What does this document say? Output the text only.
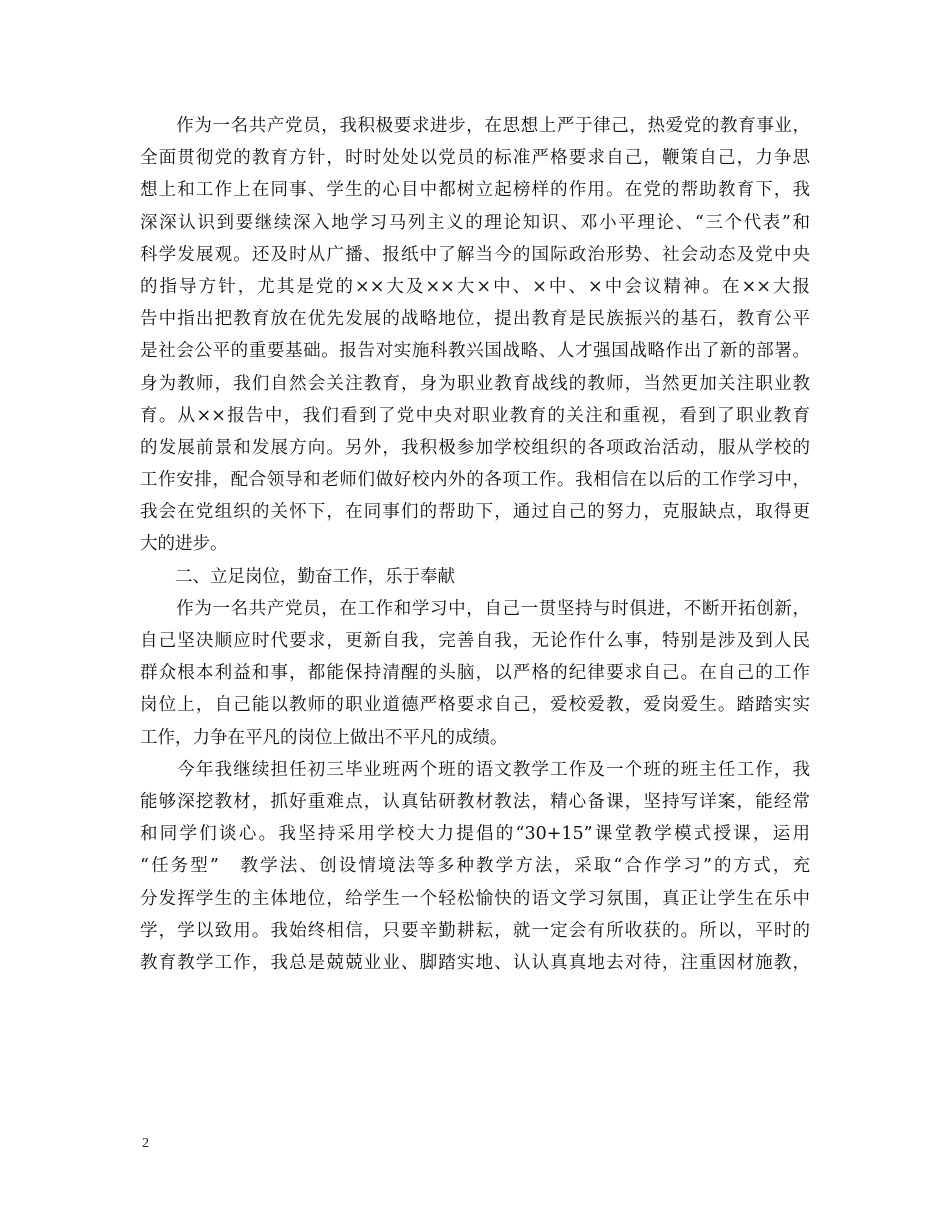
　　作为一名共产党员，我积极要求进步，在思想上严于律己，热爱党的教育事业，
全面贯彻党的教育方针，时时处处以党员的标准严格要求自己，鞭策自己，力争思
想上和工作上在同事、学生的心目中都树立起榜样的作用。在党的帮助教育下，我
深深认识到要继续深入地学习马列主义的理论知识、邓小平理论、“三个代表”和
科学发展观。还及时从广播、报纸中了解当今的国际政治形势、社会动态及党中央
的指导方针，尤其是党的××大及××大×中、×中、×中会议精神。在××大报
告中指出把教育放在优先发展的战略地位，提出教育是民族振兴的基石，教育公平
是社会公平的重要基础。报告对实施科教兴国战略、人才强国战略作出了新的部署。
身为教师，我们自然会关注教育，身为职业教育战线的教师，当然更加关注职业教
育。从××报告中，我们看到了党中央对职业教育的关注和重视，看到了职业教育
的发展前景和发展方向。另外，我积极参加学校组织的各项政治活动，服从学校的
工作安排，配合领导和老师们做好校内外的各项工作。我相信在以后的工作学习中，
我会在党组织的关怀下，在同事们的帮助下，通过自己的努力，克服缺点，取得更
大的进步。
　　二、立足岗位，勤奋工作，乐于奉献
　　作为一名共产党员，在工作和学习中，自己一贯坚持与时俱进，不断开拓创新，
自己坚决顺应时代要求，更新自我，完善自我，无论作什么事，特别是涉及到人民
群众根本利益和事，都能保持清醒的头脑，以严格的纪律要求自己。在自己的工作
岗位上，自己能以教师的职业道德严格要求自己，爱校爱教，爱岗爱生。踏踏实实
工作，力争在平凡的岗位上做出不平凡的成绩。
　　今年我继续担任初三毕业班两个班的语文教学工作及一个班的班主任工作，我
能够深挖教材，抓好重难点，认真钻研教材教法，精心备课，坚持写详案，能经常
和同学们谈心。我坚持采用学校大力提倡的“30+15”课堂教学模式授课，运用
“任务型”　教学法、创设情境法等多种教学方法，采取“合作学习”的方式，充
分发挥学生的主体地位，给学生一个轻松愉快的语文学习氛围，真正让学生在乐中
学，学以致用。我始终相信，只要辛勤耕耘，就一定会有所收获的。所以，平时的
教育教学工作，我总是兢兢业业、脚踏实地、认认真真地去对待，注重因材施教，
2
